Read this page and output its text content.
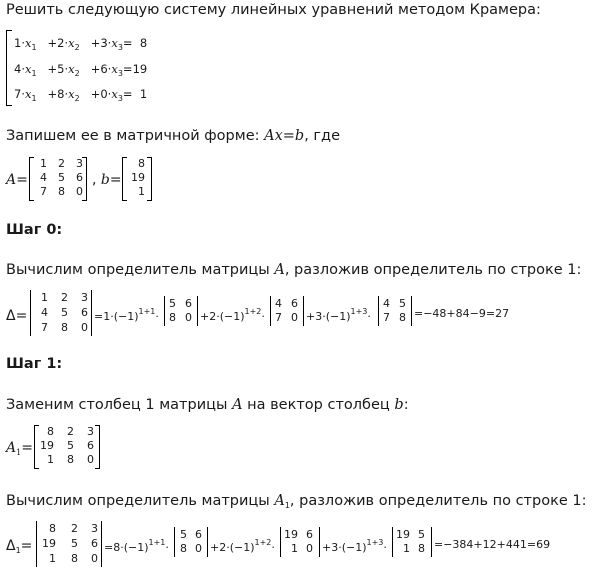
Решить следующую систему линейных уравнений методом Крамера:
$1\cdot x_1 +2\cdot x_2 +3\cdot x_3= 8$
$4\cdot x_1 +5\cdot x_2 +6\cdot x_3=19$
$7\cdot x_1 +8\cdot x_2 +0\cdot x_3= 1$
Запишем ее в матричной форме: Ax=b, где
A=
1	2	3
4	5	6
7	8	0
, b=
8
19
1
Шаг 0:
Вычислим определитель матрицы A, разложив определитель по строке 1:
Δ=
1	2	3
4	5	6
7	8	0
$=1\cdot(-1)^{1+1}\cdot$
5 6
8 $0 +2\cdot(-1)^{1+2}\cdot$
4 6
7 $0 +3\cdot(-1)^{1+3}\cdot$
4 5
7 8 =−48+84−9=27
Шаг 1:
Заменим столбец 1 матрицы A на вектор столбец b:
$A_1=$
8	2	3
19	5	6
1	8	0
Вычислим определитель матрицы $A_1$, разложив определитель по строке 1:
$\Delta_1=$
8	2	3
19	5	6
1	8	0
$=8\cdot(-1)^{1+1}\cdot$
5 6
8 $0 +2\cdot(-1)^{1+2}\cdot$
19 6
1 $0 +3\cdot(-1)^{1+3}\cdot$
19 5
1 8 =−384+12+441=69
